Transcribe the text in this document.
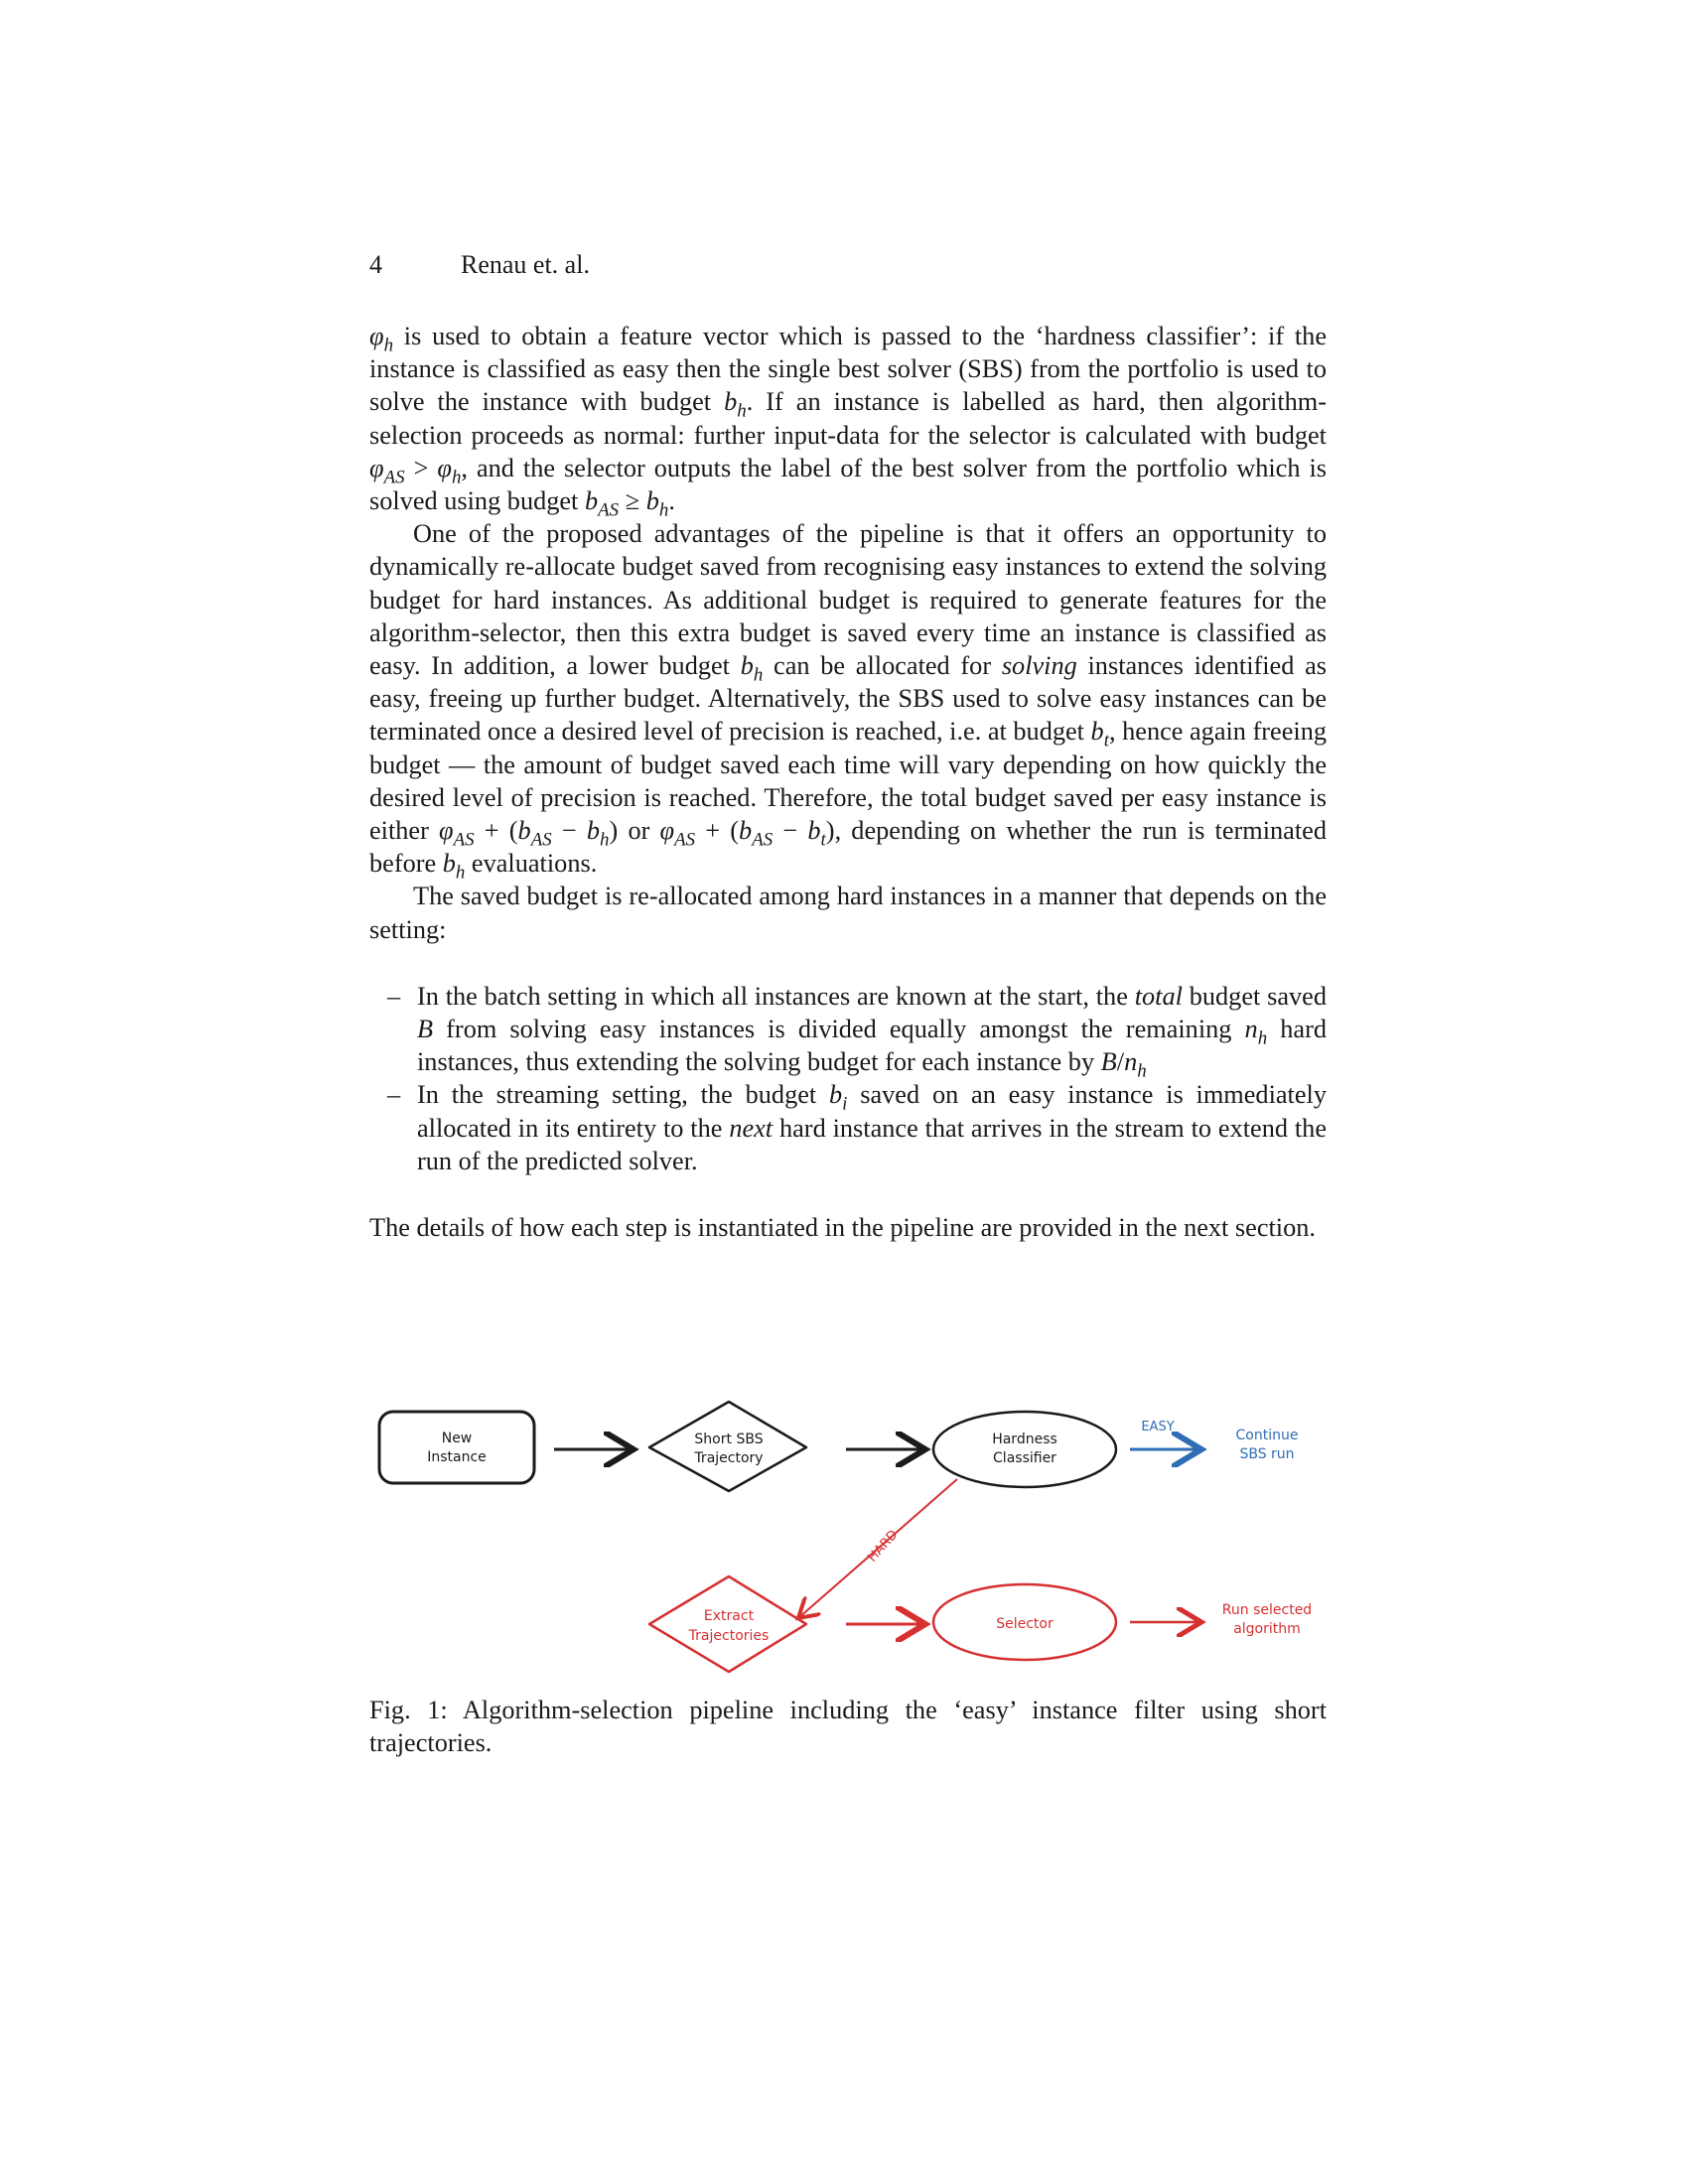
4	Renau et. al.

$\varphi_h$ is used to obtain a feature vector which is passed to the ‘hardness classifier’: if the instance is classified as easy then the single best solver (SBS) from the portfolio is used to solve the instance with budget $b_h$. If an instance is labelled as hard, then algorithm-selection proceeds as normal: further input-data for the selector is calculated with budget $\varphi_{AS} > \varphi_h$, and the selector outputs the label of the best solver from the portfolio which is solved using budget $b_{AS} \ge b_h$.

One of the proposed advantages of the pipeline is that it offers an opportunity to dynamically re-allocate budget saved from recognising easy instances to extend the solving budget for hard instances. As additional budget is required to generate features for the algorithm-selector, then this extra budget is saved every time an instance is classified as easy. In addition, a lower budget $b_h$ can be allocated for solving instances identified as easy, freeing up further budget. Alternatively, the SBS used to solve easy instances can be terminated once a desired level of precision is reached, i.e. at budget $b_t$, hence again freeing budget — the amount of budget saved each time will vary depending on how quickly the desired level of precision is reached. Therefore, the total budget saved per easy instance is either $\varphi_{AS} + (b_{AS} - b_h)$ or $\varphi_{AS} + (b_{AS} - b_t)$, depending on whether the run is terminated before $b_h$ evaluations.

The saved budget is re-allocated among hard instances in a manner that depends on the setting:

– In the batch setting in which all instances are known at the start, the total budget saved B from solving easy instances is divided equally amongst the remaining $n_h$ hard instances, thus extending the solving budget for each instance by $B/n_h$
– In the streaming setting, the budget $b_i$ saved on an easy instance is immediately allocated in its entirety to the next hard instance that arrives in the stream to extend the run of the predicted solver.

The details of how each step is instantiated in the pipeline are provided in the next section.

New
Instance
Short SBS
Trajectory
Hardness
Classifier
EASY
Continue
SBS run
HARD
Extract
Trajectories
Selector
Run selected
algorithm
Fig. 1: Algorithm-selection pipeline including the ‘easy’ instance filter using short trajectories.
